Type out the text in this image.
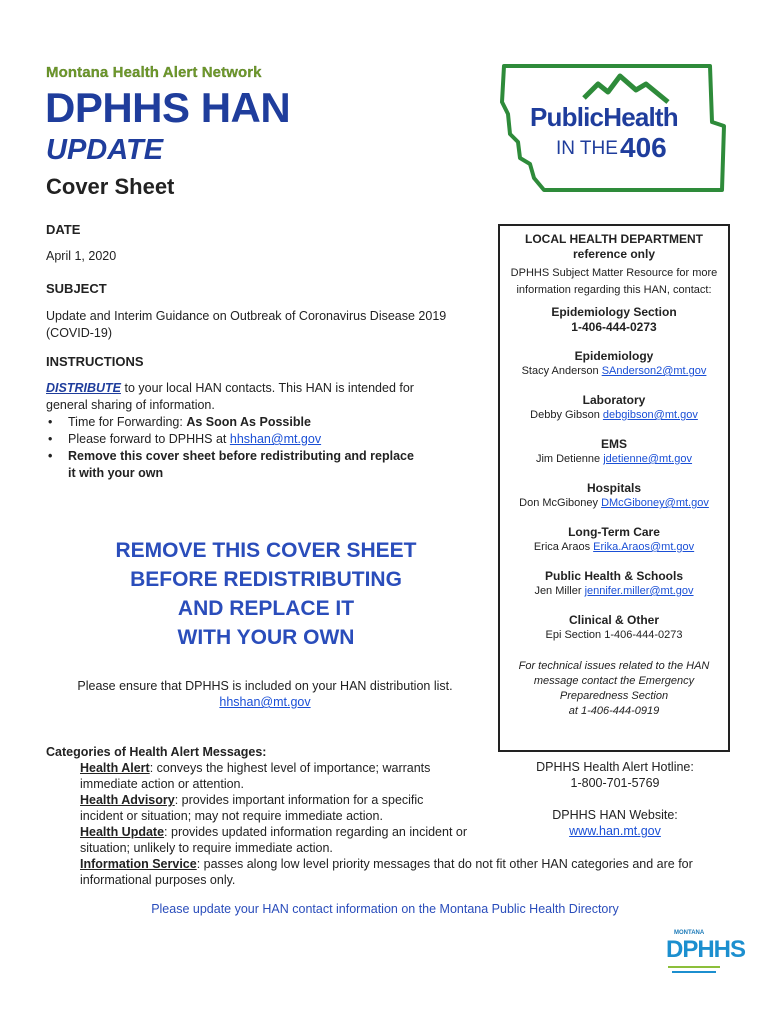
Montana Health Alert Network
DPHHS HAN
UPDATE
Cover Sheet
PublicHealth
IN THE 406
DATE
April 1, 2020
SUBJECT
Update and Interim Guidance on Outbreak of Coronavirus Disease 2019 (COVID-19)
INSTRUCTIONS
DISTRIBUTE to your local HAN contacts. This HAN is intended for general sharing of information.
• Time for Forwarding: As Soon As Possible
• Please forward to DPHHS at hhshan@mt.gov
• Remove this cover sheet before redistributing and replace it with your own
REMOVE THIS COVER SHEET
BEFORE REDISTRIBUTING
AND REPLACE IT
WITH YOUR OWN
Please ensure that DPHHS is included on your HAN distribution list.
hhshan@mt.gov
LOCAL HEALTH DEPARTMENT
reference only
DPHHS Subject Matter Resource for more information regarding this HAN, contact:
Epidemiology Section
1-406-444-0273
Epidemiology
Stacy Anderson SAnderson2@mt.gov
Laboratory
Debby Gibson debgibson@mt.gov
EMS
Jim Detienne jdetienne@mt.gov
Hospitals
Don McGiboney DMcGiboney@mt.gov
Long-Term Care
Erica Araos Erika.Araos@mt.gov
Public Health & Schools
Jen Miller jennifer.miller@mt.gov
Clinical & Other
Epi Section 1-406-444-0273
For technical issues related to the HAN
message contact the Emergency
Preparedness Section
at 1-406-444-0919
Categories of Health Alert Messages:
Health Alert: conveys the highest level of importance; warrants immediate action or attention.
Health Advisory: provides important information for a specific incident or situation; may not require immediate action.
Health Update: provides updated information regarding an incident or situation; unlikely to require immediate action.
Information Service: passes along low level priority messages that do not fit other HAN categories and are for informational purposes only.
DPHHS Health Alert Hotline:
1-800-701-5769
DPHHS HAN Website:
www.han.mt.gov
Please update your HAN contact information on the Montana Public Health Directory
MONTANA
DPHHS
